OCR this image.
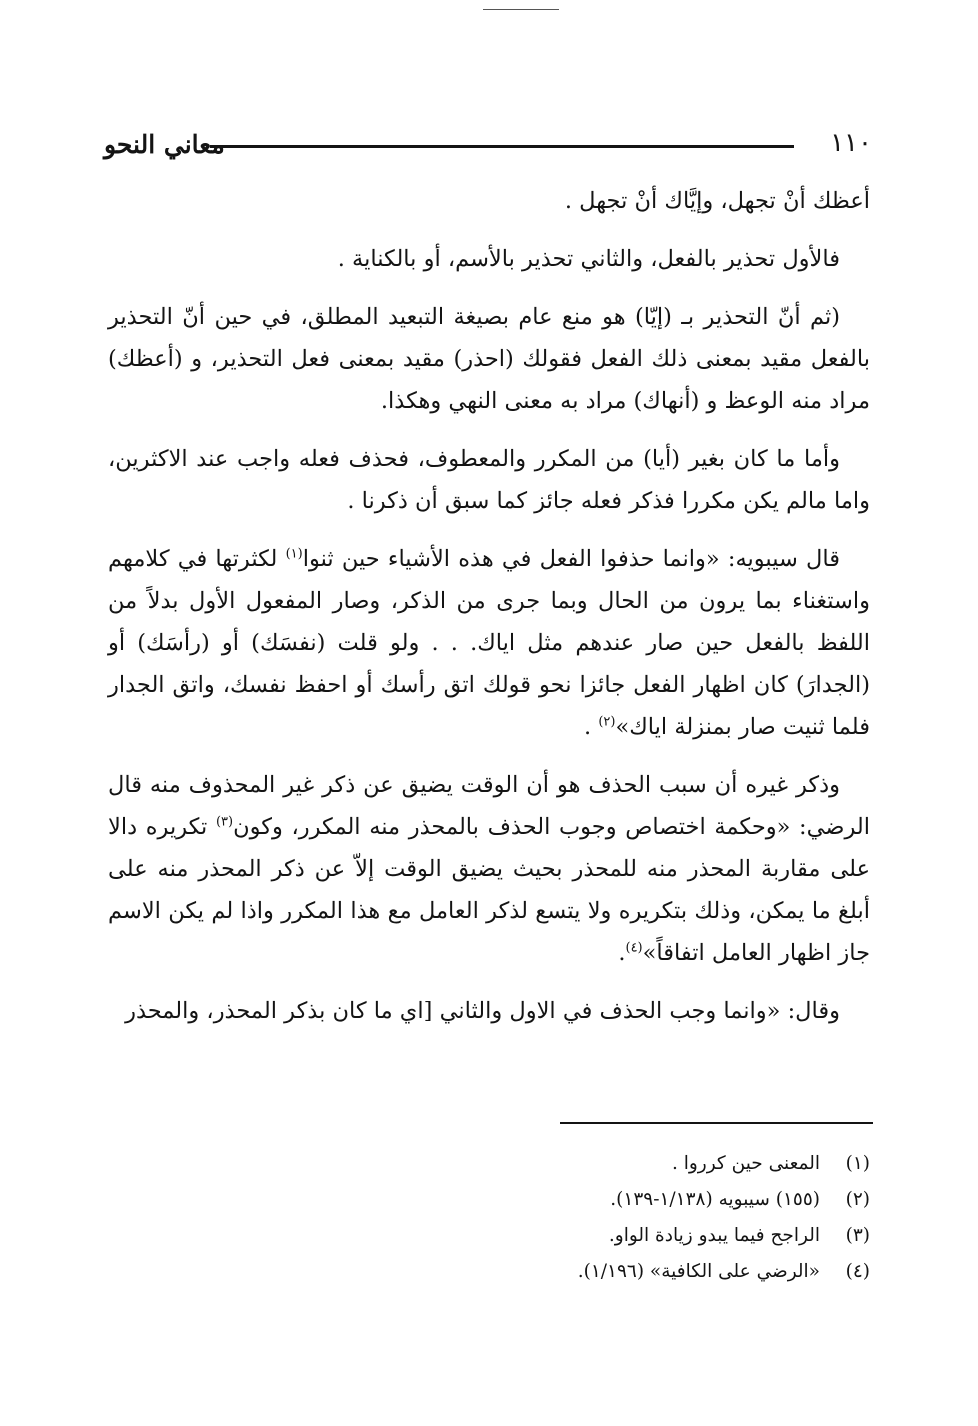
١١٠
معاني النحو

أعظك أنْ تجهل، وإيَّاك أنْ تجهل .

فالأول تحذير بالفعل، والثاني تحذير بالأسم، أو بالكناية .

(ثم أنّ التحذير بـ (إيّا) هو منع عام بصيغة التبعيد المطلق، في حين أنّ التحذير بالفعل مقيد بمعنى ذلك الفعل فقولك (احذر) مقيد بمعنى فعل التحذير، و (أعظك) مراد منه الوعظ و (أنهاك) مراد به معنى النهي وهكذا.

وأما ما كان بغير (أيا) من المكرر والمعطوف، فحذف فعله واجب عند الاكثرين، واما مالم يكن مكررا فذكر فعله جائز كما سبق أن ذكرنا .

قال سيبويه: «وانما حذفوا الفعل في هذه الأشياء حين ثنوا$^{(١)}$ لكثرتها في كلامهم واستغناء بما يرون من الحال وبما جرى من الذكر، وصار المفعول الأول بدلاً من اللفظ بالفعل حين صار عندهم مثل اياك. . . ولو قلت (نفسَك) أو (رأسَك) أو (الجدارَ) كان اظهار الفعل جائزا نحو قولك اتق رأسك أو احفظ نفسك، واتق الجدار فلما ثنيت صار بمنزلة اياك»$^{(٢)}$ .

وذكر غيره أن سبب الحذف هو أن الوقت يضيق عن ذكر غير المحذوف منه قال الرضي: «وحكمة اختصاص وجوب الحذف بالمحذر منه المكرر، وكون$^{(٣)}$ تكريره دالا على مقاربة المحذر منه للمحذر بحيث يضيق الوقت إلاّ عن ذكر المحذر منه على أبلغ ما يمكن، وذلك بتكريره ولا يتسع لذكر العامل مع هذا المكرر واذا لم يكن الاسم جاز اظهار العامل اتفاقاً»$^{(٤)}$.

وقال: «وانما وجب الحذف في الاول والثاني [اي ما كان بذكر المحذر، والمحذر

(١)
المعنى حين كرروا .
(٢)
(١٥٥) سيبويه (١/١٣٨-١٣٩).
(٣)
الراجح فيما يبدو زيادة الواو.
(٤)
«الرضي على الكافية» (١/١٩٦).
